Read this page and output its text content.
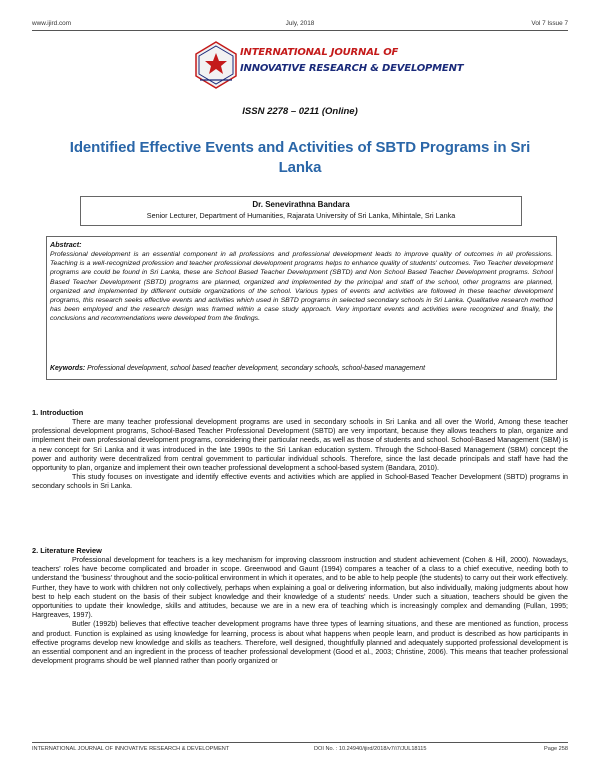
www.ijird.com	July, 2018	Vol 7 Issue 7
INTERNATIONAL JOURNAL OF
INNOVATIVE RESEARCH & DEVELOPMENT
ISSN 2278 – 0211 (Online)
Identified Effective Events and Activities of SBTD Programs in Sri Lanka
Dr. Senevirathna Bandara
Senior Lecturer, Department of Humanities, Rajarata University of Sri Lanka, Mihintale, Sri Lanka
Abstract:
Professional development is an essential component in all professions and professional development leads to improve quality of outcomes in all professions. Teaching is a well-recognized profession and teacher professional development programs helps to enhance quality of students' outcomes. Two Teacher development programs are could be found in Sri Lanka, these are School Based Teacher Development (SBTD) and Non School Based Teacher Development programs. School Based Teacher Development (SBTD) programs are planned, organized and implemented by the principal and staff of the school, other programs are planned, organized and implemented by different outside organizations of the school. Various types of events and activities are followed in these teacher development programs, this research seeks effective events and activities which used in SBTD programs in selected secondary schools in Sri Lanka. Qualitative research method has been employed and the research design was framed within a case study approach. Very important events and activities were recognized and finally, the conclusions and recommendations were developed from the findings.
Keywords: Professional development, school based teacher development, secondary schools, school-based management
1. Introduction

There are many teacher professional development programs are used in secondary schools in Sri Lanka and all over the World, Among these teacher professional development programs, School-Based Teacher Professional Development (SBTD) are very important, because they allows teachers to plan, organize and implement their own professional development programs, considering their particular needs, as well as those of students and school. School-Based Management (SBM) is a new concept for Sri Lanka and it was introduced in the late 1990s to the Sri Lankan education system. Through the School-Based Management (SBM) concept the power and authority were decentralized from central government to particular individual schools. Therefore, since the last decade principals and staff have had the opportunity to plan, organize and implement their own teacher professional development a school-based system (Bandara, 2010).

This study focuses on investigate and identify effective events and activities which are applied in School-Based Teacher Development (SBTD) programs in secondary schools in Sri Lanka.

2. Literature Review

Professional development for teachers is a key mechanism for improving classroom instruction and student achievement (Cohen & Hill, 2000). Nowadays, teachers' roles have become complicated and broader in scope. Greenwood and Gaunt (1994) compares a teacher of a class to a chief executive, needing both to understand the 'business' throughout and the socio-political environment in which it operates, and to be able to help people (the students) to carry out their work effectively. Further, they have to work with children not only collectively, perhaps when explaining a goal or delivering information, but also individually, making judgments about how best to help each student on the basis of their subject knowledge and their knowledge of a students' needs. Under such a situation, teachers should be given the opportunities to update their knowledge, skills and attitudes, because we are in a new era of teaching which is increasingly complex and demanding (Fullan, 1995; Hargreaves, 1997).

Butler (1992b) believes that effective teacher development programs have three types of learning situations, and these are mentioned as function, process and product. Function is explained as using knowledge for learning, process is about what happens when people learn, and product is described as how participants in effective programs develop new knowledge and skills as teachers. Therefore, well designed, thoughtfully planned and adequately supported professional development is an essential component and an ingredient in the process of teacher professional development (Good et al., 2003; Christine, 2006). This means that teacher professional development programs should be well planned rather than poorly organized or

INTERNATIONAL JOURNAL OF INNOVATIVE RESEARCH & DEVELOPMENT	DOI No. : 10.24940/ijird/2018/v7/i7/JUL18115	Page 258
